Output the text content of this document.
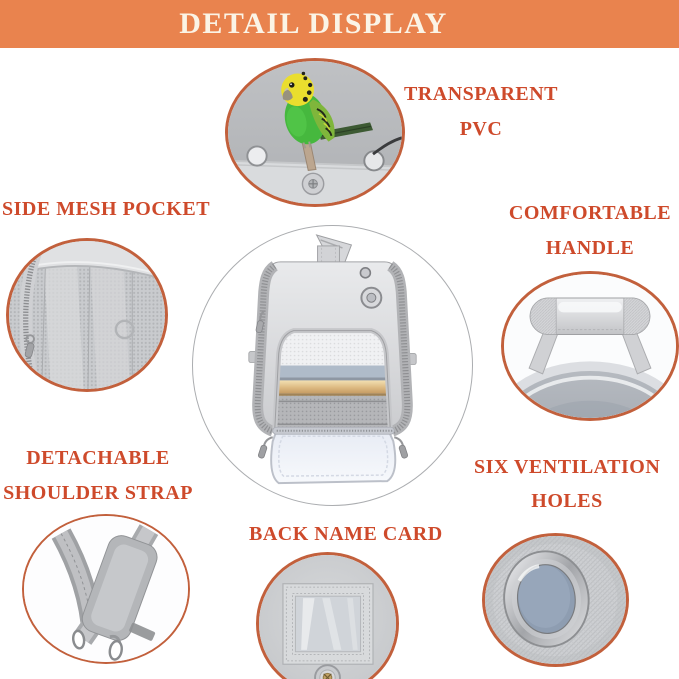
DETAIL DISPLAY
TRANSPARENT
PVC
SIDE MESH POCKET	COMFORTABLE
HANDLE
DETACHABLE
SHOULDER STRAP
BACK NAME CARD
SIX VENTILATION
HOLES
